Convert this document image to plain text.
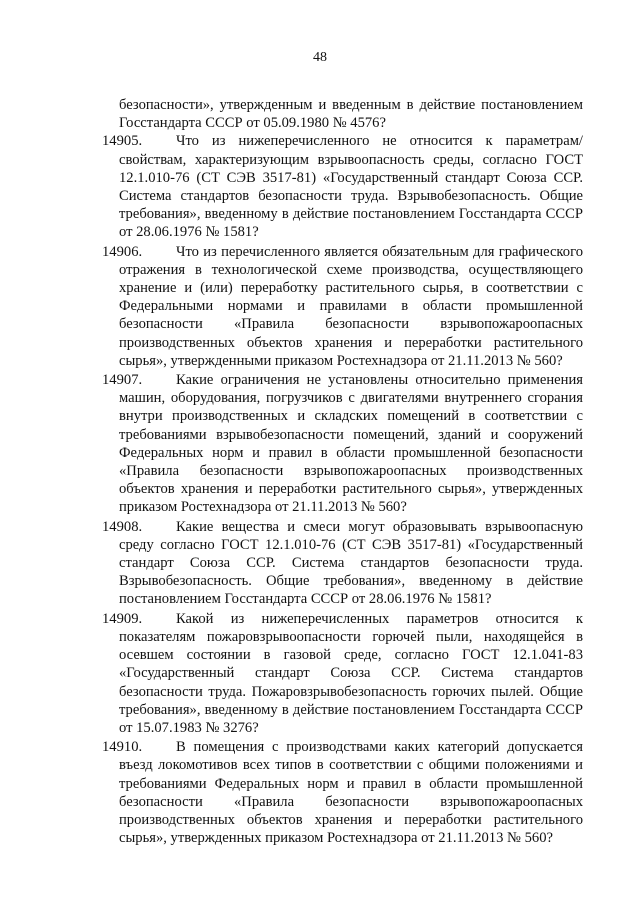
48

безопасности», утвержденным и введенным в действие постановлением Госстандарта СССР от 05.09.1980 № 4576?

14905.	Что из нижеперечисленного не относится к параметрам/свойствам, характеризующим взрывоопасность среды, согласно ГОСТ 12.1.010-76 (СТ СЭВ 3517-81) «Государственный стандарт Союза ССР. Система стандартов безопасности труда. Взрывобезопасность. Общие требования», введенному в действие постановлением Госстандарта СССР от 28.06.1976 № 1581?
14906.	Что из перечисленного является обязательным для графического отражения в технологической схеме производства, осуществляющего хранение и (или) переработку растительного сырья, в соответствии с Федеральными нормами и правилами в области промышленной безопасности «Правила безопасности взрывопожароопасных производственных объектов хранения и переработки растительного сырья», утвержденными приказом Ростехнадзора от 21.11.2013 № 560?
14907.	Какие ограничения не установлены относительно применения машин, оборудования, погрузчиков с двигателями внутреннего сгорания внутри производственных и складских помещений в соответствии с требованиями взрывобезопасности помещений, зданий и сооружений Федеральных норм и правил в области промышленной безопасности «Правила безопасности взрывопожароопасных производственных объектов хранения и переработки растительного сырья», утвержденных приказом Ростехнадзора от 21.11.2013 № 560?
14908.	Какие вещества и смеси могут образовывать взрывоопасную среду согласно ГОСТ 12.1.010-76 (СТ СЭВ 3517-81) «Государственный стандарт Союза ССР. Система стандартов безопасности труда. Взрывобезопасность. Общие требования», введенному в действие постановлением Госстандарта СССР от 28.06.1976 № 1581?
14909.	Какой из нижеперечисленных параметров относится к показателям пожаровзрывоопасности горючей пыли, находящейся в осевшем состоянии в газовой среде, согласно ГОСТ 12.1.041-83 «Государственный стандарт Союза ССР. Система стандартов безопасности труда. Пожаровзрывобезопасность горючих пылей. Общие требования», введенному в действие постановлением Госстандарта СССР от 15.07.1983 № 3276?
14910.	В помещения с производствами каких категорий допускается въезд локомотивов всех типов в соответствии с общими положениями и требованиями Федеральных норм и правил в области промышленной безопасности «Правила безопасности взрывопожароопасных производственных объектов хранения и переработки растительного сырья», утвержденных приказом Ростехнадзора от 21.11.2013 № 560?
